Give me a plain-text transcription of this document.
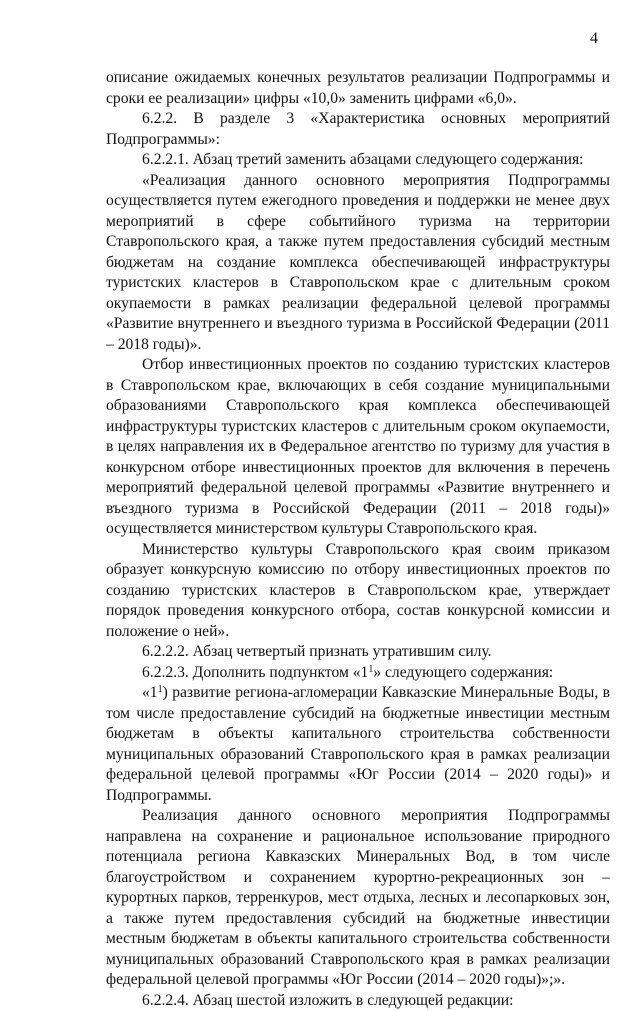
4

описание ожидаемых конечных результатов реализации Подпрограммы и сроки ее реализации» цифры «10,0» заменить цифрами «6,0».

6.2.2. В разделе 3 «Характеристика основных мероприятий Подпрограммы»:

6.2.2.1. Абзац третий заменить абзацами следующего содержания:

«Реализация данного основного мероприятия Подпрограммы осуществляется путем ежегодного проведения и поддержки не менее двух мероприятий в сфере событийного туризма на территории Ставропольского края, а также путем предоставления субсидий местным бюджетам на создание комплекса обеспечивающей инфраструктуры туристских кластеров в Ставропольском крае с длительным сроком окупаемости в рамках реализации федеральной целевой программы «Развитие внутреннего и въездного туризма в Российской Федерации (2011 – 2018 годы)».

Отбор инвестиционных проектов по созданию туристских кластеров в Ставропольском крае, включающих в себя создание муниципальными образованиями Ставропольского края комплекса обеспечивающей инфраструктуры туристских кластеров с длительным сроком окупаемости, в целях направления их в Федеральное агентство по туризму для участия в конкурсном отборе инвестиционных проектов для включения в перечень мероприятий федеральной целевой программы «Развитие внутреннего и въездного туризма в Российской Федерации (2011 – 2018 годы)» осуществляется министерством культуры Ставропольского края.

Министерство культуры Ставропольского края своим приказом образует конкурсную комиссию по отбору инвестиционных проектов по созданию туристских кластеров в Ставропольском крае, утверждает порядок проведения конкурсного отбора, состав конкурсной комиссии и положение о ней».

6.2.2.2. Абзац четвертый признать утратившим силу.

6.2.2.3. Дополнить подпунктом «$1^1$» следующего содержания:

«$1^1$) развитие региона-агломерации Кавказские Минеральные Воды, в том числе предоставление субсидий на бюджетные инвестиции местным бюджетам в объекты капитального строительства собственности муниципальных образований Ставропольского края в рамках реализации федеральной целевой программы «Юг России (2014 – 2020 годы)» и Подпрограммы.

Реализация данного основного мероприятия Подпрограммы направлена на сохранение и рациональное использование природного потенциала региона Кавказских Минеральных Вод, в том числе благоустройством и сохранением курортно-рекреационных зон – курортных парков, терренкуров, мест отдыха, лесных и лесопарковых зон, а также путем предоставления субсидий на бюджетные инвестиции местным бюджетам в объекты капитального строительства собственности муниципальных образований Ставропольского края в рамках реализации федеральной целевой программы «Юг России (2014 – 2020 годы)»;».

6.2.2.4. Абзац шестой изложить в следующей редакции:
